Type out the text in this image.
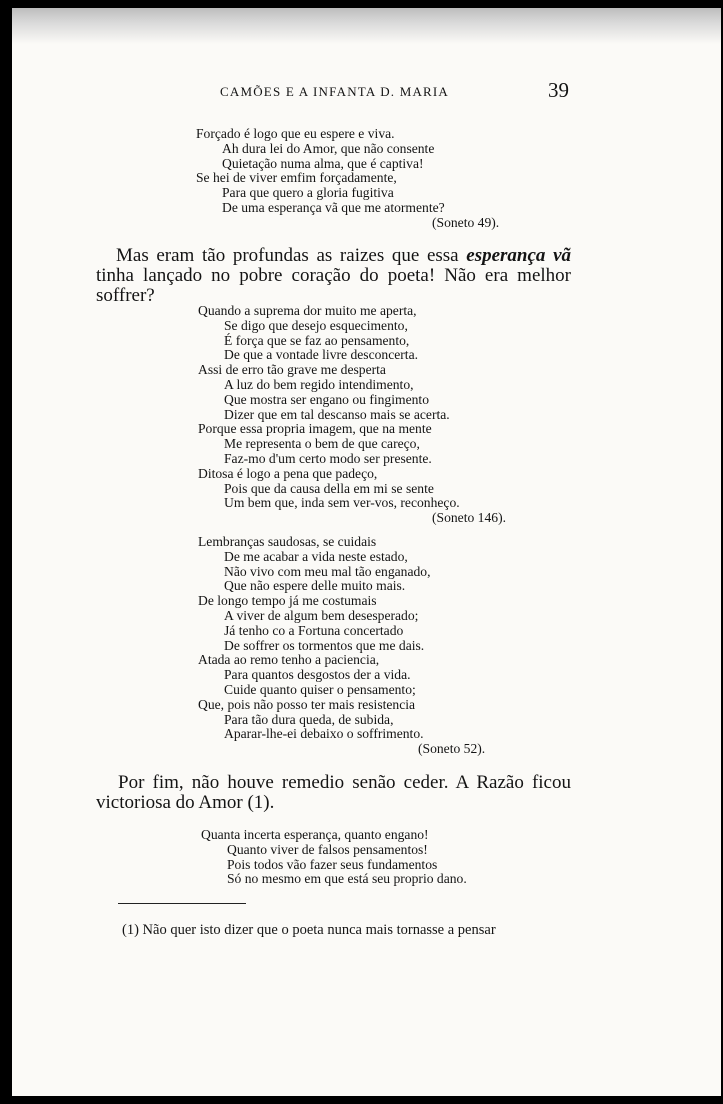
CAMÕES E A INFANTA D. MARIA	39
Forçado é logo que eu espere e viva.
Ah dura lei do Amor, que não consente
Quietação numa alma, que é captiva!
Se hei de viver emfim forçadamente,
Para que quero a gloria fugitiva
De uma esperança vã que me atormente?
(Soneto 49).

Mas eram tão profundas as raizes que essa esperança vã tinha lançado no pobre coração do poeta! Não era melhor soffrer?

Quando a suprema dor muito me aperta,
Se digo que desejo esquecimento,
É força que se faz ao pensamento,
De que a vontade livre desconcerta.
Assi de erro tão grave me desperta
A luz do bem regido intendimento,
Que mostra ser engano ou fingimento
Dizer que em tal descanso mais se acerta.
Porque essa propria imagem, que na mente
Me representa o bem de que careço,
Faz-mo d'um certo modo ser presente.
Ditosa é logo a pena que padeço,
Pois que da causa della em mi se sente
Um bem que, inda sem ver-vos, reconheço.
(Soneto 146).
Lembranças saudosas, se cuidais
De me acabar a vida neste estado,
Não vivo com meu mal tão enganado,
Que não espere delle muito mais.
De longo tempo já me costumais
A viver de algum bem desesperado;
Já tenho co a Fortuna concertado
De soffrer os tormentos que me dais.
Atada ao remo tenho a paciencia,
Para quantos desgostos der a vida.
Cuide quanto quiser o pensamento;
Que, pois não posso ter mais resistencia
Para tão dura queda, de subida,
Aparar-lhe-ei debaixo o soffrimento.
(Soneto 52).

Por fim, não houve remedio senão ceder. A Razão ficou victoriosa do Amor (1).

Quanta incerta esperança, quanto engano!
Quanto viver de falsos pensamentos!
Pois todos vão fazer seus fundamentos
Só no mesmo em que está seu proprio dano.
(1) Não quer isto dizer que o poeta nunca mais tornasse a pensar
